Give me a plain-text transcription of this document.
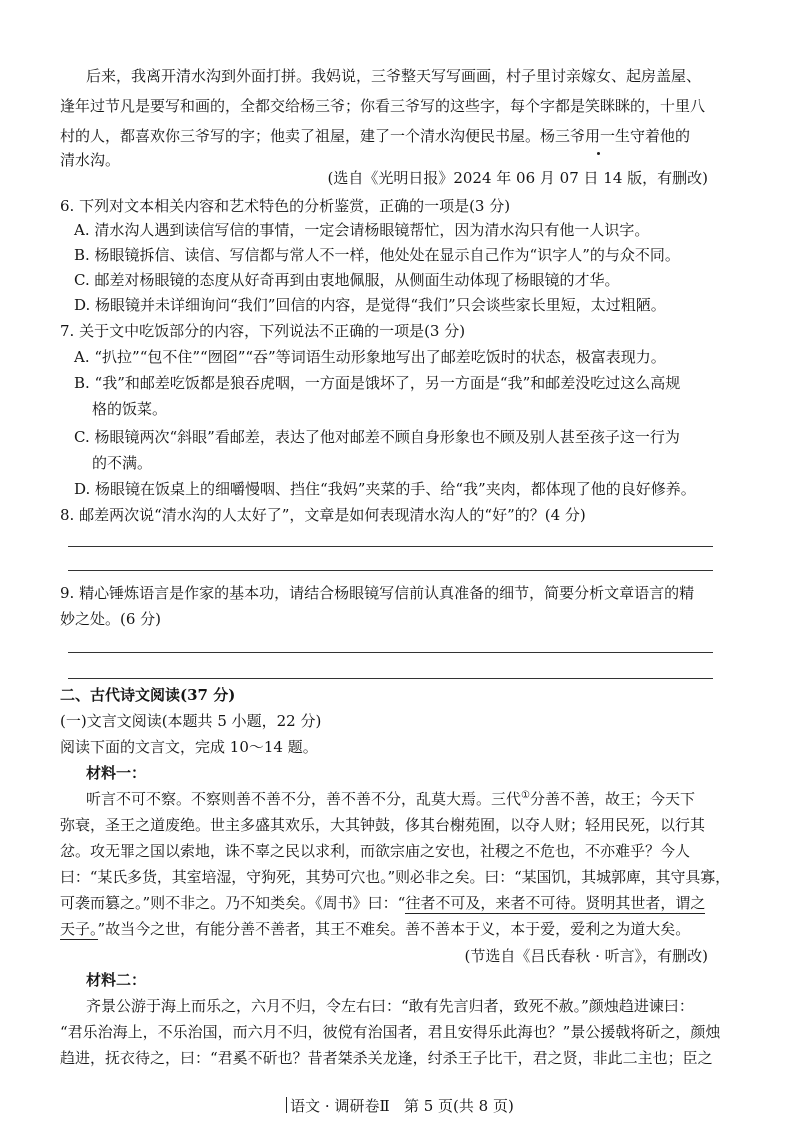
后来，我离开清水沟到外面打拼。我妈说，三爷整天写写画画，村子里讨亲嫁女、起房盖屋、
逢年过节凡是要写和画的，全都交给杨三爷；你看三爷写的这些字，每个字都是笑眯眯的，十里八
村的人，都喜欢你三爷写的字；他卖了祖屋，建了一个清水沟便民书屋。杨三爷用一生守着他的
清水沟。
(选自《光明日报》2024 年 06 月 07 日 14 版，有删改)
6. 下列对文本相关内容和艺术特色的分析鉴赏，正确的一项是(3 分)
A. 清水沟人遇到读信写信的事情，一定会请杨眼镜帮忙，因为清水沟只有他一人识字。
B. 杨眼镜拆信、读信、写信都与常人不一样，他处处在显示自己作为“识字人”的与众不同。
C. 邮差对杨眼镜的态度从好奇再到由衷地佩服，从侧面生动体现了杨眼镜的才华。
D. 杨眼镜并未详细询问“我们”回信的内容，是觉得“我们”只会谈些家长里短，太过粗陋。
7. 关于文中吃饭部分的内容，下列说法不正确的一项是(3 分)
A. “扒拉”“包不住”“囫囵”“吞”等词语生动形象地写出了邮差吃饭时的状态，极富表现力。
B. “我”和邮差吃饭都是狼吞虎咽，一方面是饿坏了，另一方面是“我”和邮差没吃过这么高规
格的饭菜。
C. 杨眼镜两次“斜眼”看邮差，表达了他对邮差不顾自身形象也不顾及别人甚至孩子这一行为
的不满。
D. 杨眼镜在饭桌上的细嚼慢咽、挡住“我妈”夹菜的手、给“我”夹肉，都体现了他的良好修养。
8. 邮差两次说“清水沟的人太好了”，文章是如何表现清水沟人的“好”的？(4 分)
9. 精心锤炼语言是作家的基本功，请结合杨眼镜写信前认真准备的细节，简要分析文章语言的精
妙之处。(6 分)
二、古代诗文阅读(37 分)
(一)文言文阅读(本题共 5 小题，22 分)
阅读下面的文言文，完成 10～14 题。
材料一：
听言不可不察。不察则善不善不分，善不善不分，乱莫大焉。三代①分善不善，故王；今天下
弥衰，圣王之道废绝。世主多盛其欢乐，大其钟鼓，侈其台榭苑囿，以夺人财；轻用民死，以行其
忿。攻无罪之国以索地，诛不辜之民以求利，而欲宗庙之安也，社稷之不危也，不亦难乎？今人
曰：“某氏多货，其室培湿，守狗死，其势可穴也。”则必非之矣。曰：“某国饥，其城郭庳，其守具寡，
可袭而篡之。”则不非之。乃不知类矣。《周书》曰：“往者不可及，来者不可待。贤明其世者，谓之
天子。”故当今之世，有能分善不善者，其王不难矣。善不善本于义，本于爱，爱利之为道大矣。
(节选自《吕氏春秋 · 听言》，有删改)
材料二：
齐景公游于海上而乐之，六月不归，令左右曰：“敢有先言归者，致死不赦。”颜烛趋进谏曰：
“君乐治海上，不乐治国，而六月不归，彼傥有治国者，君且安得乐此海也？”景公援戟将斫之，颜烛
趋进，抚衣待之，曰：“君奚不斫也？昔者桀杀关龙逢，纣杀王子比干，君之贤，非此二主也；臣之
语文 · 调研卷Ⅱ 第 5 页(共 8 页)
